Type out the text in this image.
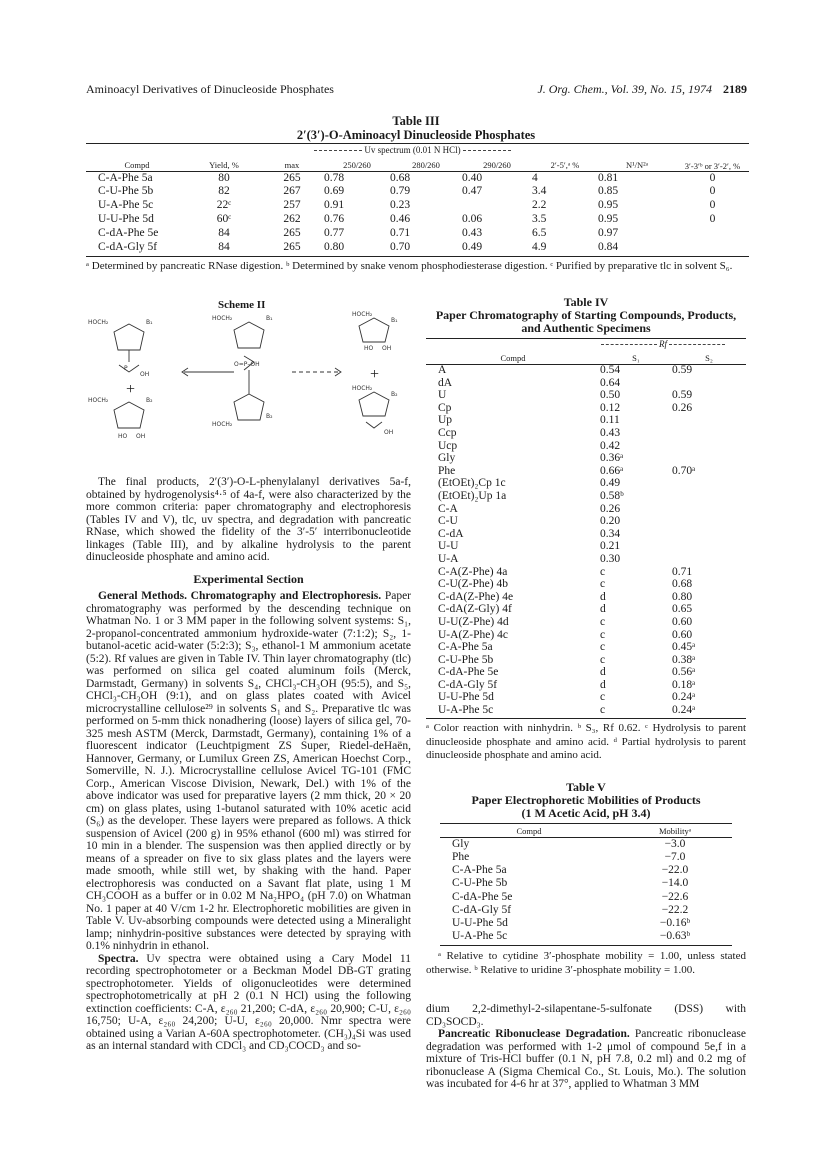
Aminoacyl Derivatives of Dinucleoside Phosphates	J. Org. Chem., Vol. 39, No. 15, 1974 2189
Table III
2′(3′)-O-Aminoacyl Dinucleoside Phosphates
Uv spectrum (0.01 N HCl)
Compd	Yield, %	max	250/260	280/260	290/260	2′-5′,ᵃ %	N¹/N²ᵃ	3′-3′ᵇ or 3′-2′, %
C-A-Phe 5a	80	265	0.78	0.68	0.40	4	0.81	0
C-U-Phe 5b	82	267	0.69	0.79	0.47	3.4	0.85	0
U-A-Phe 5c	22ᶜ	257	0.91	0.23		2.2	0.95	0
U-U-Phe 5d	60ᶜ	262	0.76	0.46	0.06	3.5	0.95	0
C-dA-Phe 5e	84	265	0.77	0.71	0.43	6.5	0.97	
C-dA-Gly 5f	84	265	0.80	0.70	0.49	4.9	0.84	
ᵃ Determined by pancreatic RNase digestion. ᵇ Determined by snake venom phosphodiesterase digestion. ᶜ Purified by preparative tlc in solvent S₆.
Scheme II
HOCH₂	B₁
P
OH
HOCH₂	B₂
HO OH
HOCH₂	B₁
O=P–OH
HOCH₂
B₂
HOCH₂
B₁
HO OH
HOCH₂
B₂
OH
+
+

The final products, 2′(3′)-O-L-phenylalanyl derivatives 5a-f, obtained by hydrogenolysis⁴·⁵ of 4a-f, were also characterized by the more common criteria: paper chromatography and electrophoresis (Tables IV and V), tlc, uv spectra, and degradation with pancreatic RNase, which showed the fidelity of the 3′-5′ interribonucleotide linkages (Table III), and by alkaline hydrolysis to the parent dinucleoside phosphate and amino acid.

Experimental Section

General Methods. Chromatography and Electrophoresis. Paper chromatography was performed by the descending technique on Whatman No. 1 or 3 MM paper in the following solvent systems: S₁, 2-propanol-concentrated ammonium hydroxide-water (7:1:2); S₂, 1-butanol-acetic acid-water (5:2:3); S₃, ethanol-1 M ammonium acetate (5:2). Rf values are given in Table IV. Thin layer chromatography (tlc) was performed on silica gel coated aluminum foils (Merck, Darmstadt, Germany) in solvents S₄, CHCl₃-CH₃OH (95:5), and S₅, CHCl₃-CH₃OH (9:1), and on glass plates coated with Avicel microcrystalline cellulose²⁹ in solvents S₁ and S₂. Preparative tlc was performed on 5-mm thick nonadhering (loose) layers of silica gel, 70-325 mesh ASTM (Merck, Darmstadt, Germany), containing 1% of a fluorescent indicator (Leuchtpigment ZS Super, Riedel-deHaën, Hannover, Germany, or Lumilux Green ZS, American Hoechst Corp., Somerville, N. J.). Microcrystalline cellulose Avicel TG-101 (FMC Corp., American Viscose Division, Newark, Del.) with 1% of the above indicator was used for preparative layers (2 mm thick, 20 × 20 cm) on glass plates, using 1-butanol saturated with 10% acetic acid (S₆) as the developer. These layers were prepared as follows. A thick suspension of Avicel (200 g) in 95% ethanol (600 ml) was stirred for 10 min in a blender. The suspension was then applied directly or by means of a spreader on five to six glass plates and the layers were made smooth, while still wet, by shaking with the hand. Paper electrophoresis was conducted on a Savant flat plate, using 1 M CH₃COOH as a buffer or in 0.02 M Na₂HPO₄ (pH 7.0) on Whatman No. 1 paper at 40 V/cm 1-2 hr. Electrophoretic mobilities are given in Table V. Uv-absorbing compounds were detected using a Mineralight lamp; ninhydrin-positive substances were detected by spraying with 0.1% ninhydrin in ethanol.

Spectra. Uv spectra were obtained using a Cary Model 11 recording spectrophotometer or a Beckman Model DB-GT grating spectrophotometer. Yields of oligonucleotides were determined spectrophotometrically at pH 2 (0.1 N HCl) using the following extinction coefficients: C-A, ε₂₆₀ 21,200; C-dA, ε₂₆₀ 20,900; C-U, ε₂₆₀ 16,750; U-A, ε₂₆₀ 24,200; U-U, ε₂₆₀ 20,000. Nmr spectra were obtained using a Varian A-60A spectrophotometer. (CH₃)₄Si was used as an internal standard with CDCl₃ and CD₃COCD₃ and so-

Table IV
Paper Chromatography of Starting Compounds, Products, and Authentic Specimens
Rf
Compd	S₁	S₂
A	0.54	0.59
dA	0.64	
U	0.50	0.59
Cp	0.12	0.26
Up	0.11	
Ccp	0.43	
Ucp	0.42	
Gly	0.36ᵃ	
Phe	0.66ᵃ	0.70ᵃ
(EtOEt)₂Cp 1c	0.49	
(EtOEt)₂Up 1a	0.58ᵇ	
C-A	0.26	
C-U	0.20	
C-dA	0.34	
U-U	0.21	
U-A	0.30	
C-A(Z-Phe) 4a	c	0.71
C-U(Z-Phe) 4b	c	0.68
C-dA(Z-Phe) 4e	d	0.80
C-dA(Z-Gly) 4f	d	0.65
U-U(Z-Phe) 4d	c	0.60
U-A(Z-Phe) 4c	c	0.60
C-A-Phe 5a	c	0.45ᵃ
C-U-Phe 5b	c	0.38ᵃ
C-dA-Phe 5e	d	0.56ᵃ
C-dA-Gly 5f	d	0.18ᵃ
U-U-Phe 5d	c	0.24ᵃ
U-A-Phe 5c	c	0.24ᵃ
ᵃ Color reaction with ninhydrin. ᵇ S₃, Rf 0.62. ᶜ Hydrolysis to parent dinucleoside phosphate and amino acid. ᵈ Partial hydrolysis to parent dinucleoside phosphate and amino acid.
Table V
Paper Electrophoretic Mobilities of Products
(1 M Acetic Acid, pH 3.4)
Compd	Mobilityᵃ
Gly	−3.0
Phe	−7.0
C-A-Phe 5a	−22.0
C-U-Phe 5b	−14.0
C-dA-Phe 5e	−22.6
C-dA-Gly 5f	−22.2
U-U-Phe 5d	−0.16ᵇ
U-A-Phe 5c	−0.63ᵇ
ᵃ Relative to cytidine 3′-phosphate mobility = 1.00, unless stated otherwise. ᵇ Relative to uridine 3′-phosphate mobility = 1.00.

dium 2,2-dimethyl-2-silapentane-5-sulfonate (DSS) with CD₃SOCD₃.

Pancreatic Ribonuclease Degradation. Pancreatic ribonuclease degradation was performed with 1-2 μmol of compound 5e,f in a mixture of Tris-HCl buffer (0.1 N, pH 7.8, 0.2 ml) and 0.2 mg of ribonuclease A (Sigma Chemical Co., St. Louis, Mo.). The solution was incubated for 4-6 hr at 37°, applied to Whatman 3 MM
